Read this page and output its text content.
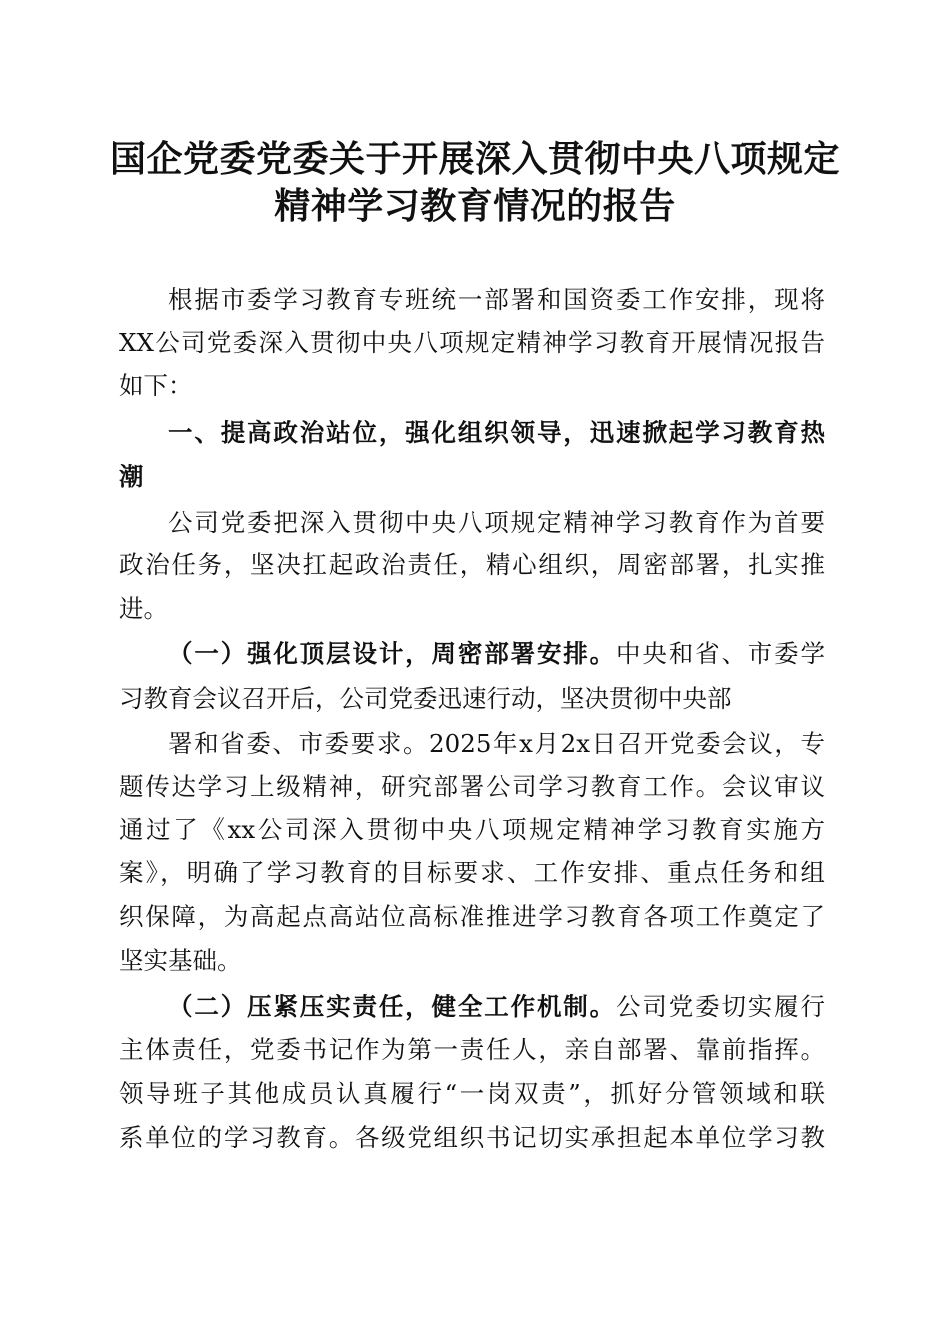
国企党委党委关于开展深入贯彻中央八项规定
精神学习教育情况的报告
根据市委学习教育专班统一部署和国资委工作安排，现将
XX公司党委深入贯彻中央八项规定精神学习教育开展情况报告
如下：
一、提高政治站位，强化组织领导，迅速掀起学习教育热
潮
公司党委把深入贯彻中央八项规定精神学习教育作为首要
政治任务，坚决扛起政治责任，精心组织，周密部署，扎实推
进。
（一）强化顶层设计，周密部署安排。中央和省、市委学
习教育会议召开后，公司党委迅速行动，坚决贯彻中央部
署和省委、市委要求。2025年x月2x日召开党委会议，专
题传达学习上级精神，研究部署公司学习教育工作。会议审议
通过了《xx公司深入贯彻中央八项规定精神学习教育实施方
案》，明确了学习教育的目标要求、工作安排、重点任务和组
织保障，为高起点高站位高标准推进学习教育各项工作奠定了
坚实基础。
（二）压紧压实责任，健全工作机制。公司党委切实履行
主体责任，党委书记作为第一责任人，亲自部署、靠前指挥。
领导班子其他成员认真履行“一岗双责”，抓好分管领域和联
系单位的学习教育。各级党组织书记切实承担起本单位学习教
